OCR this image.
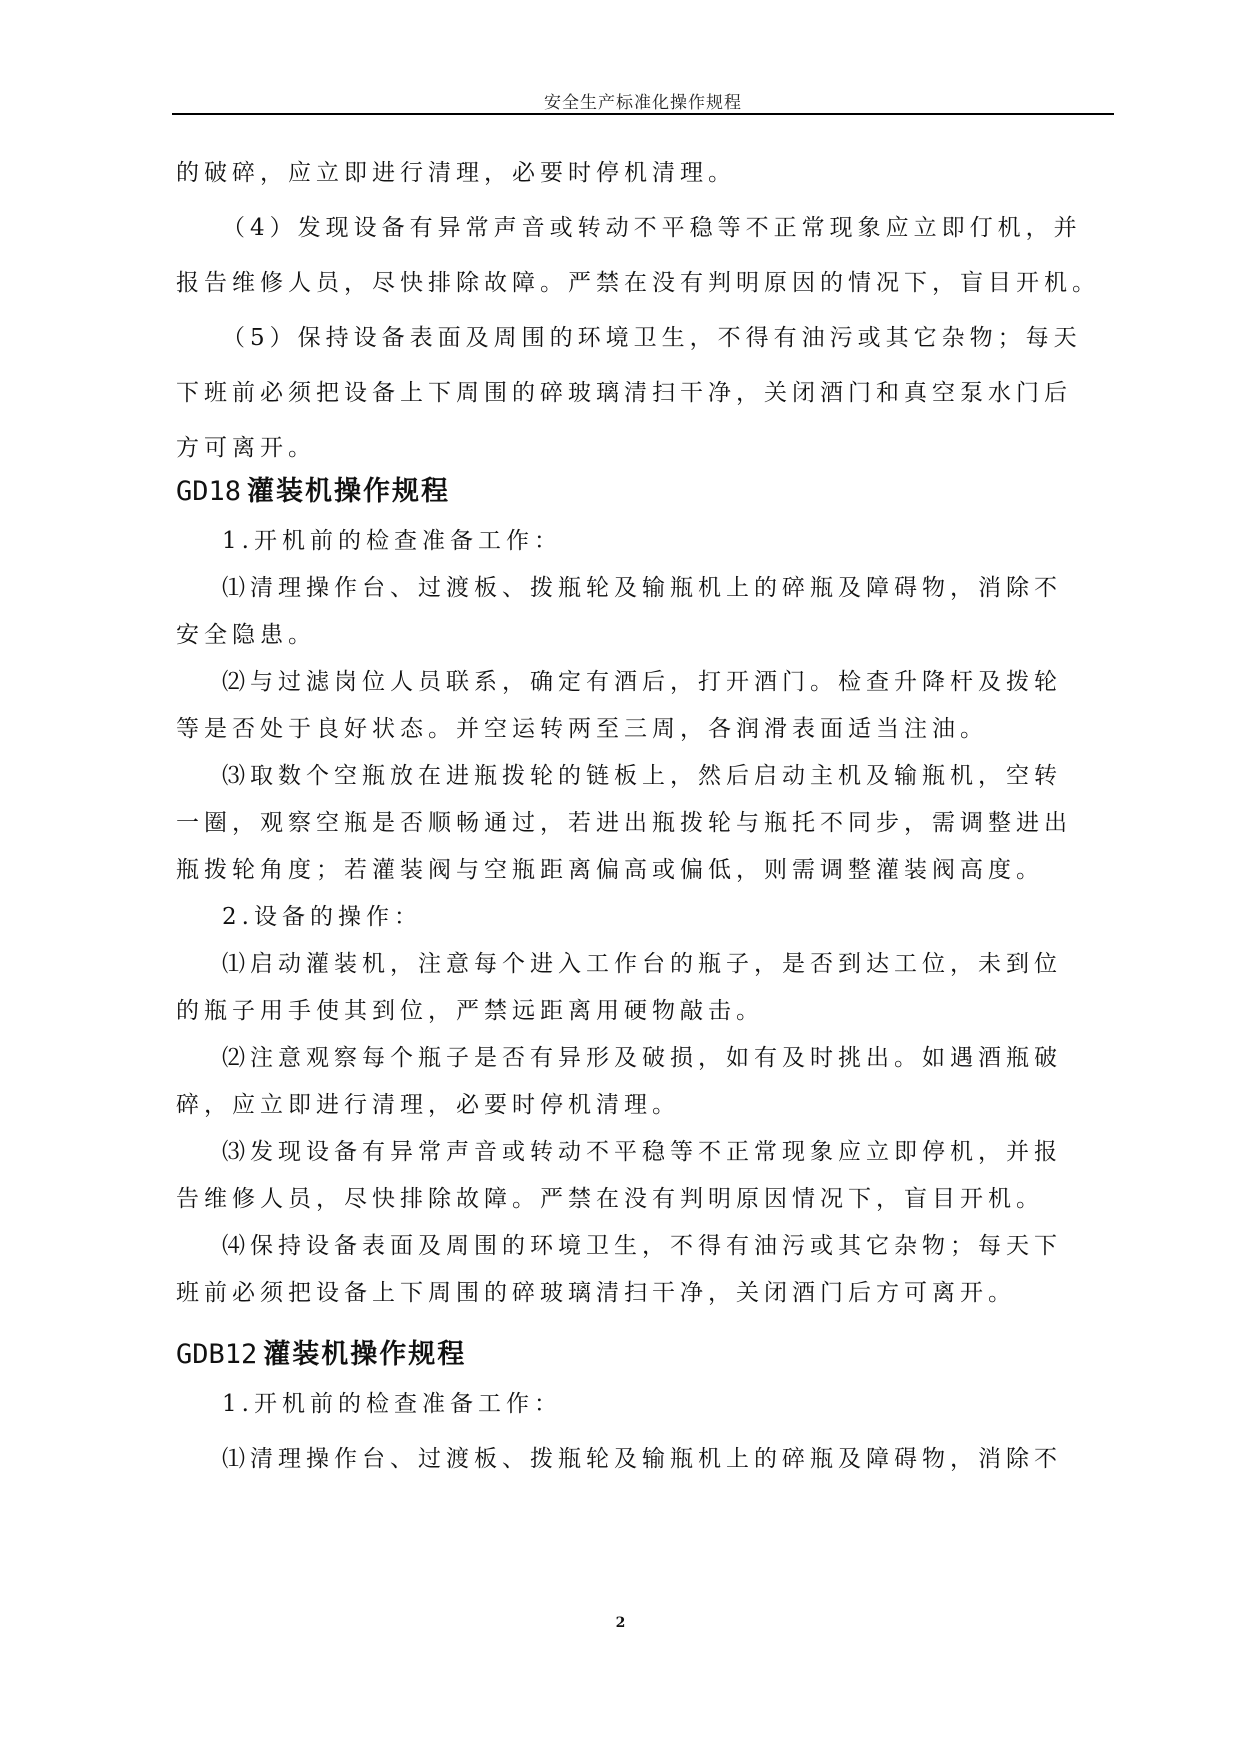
安全生产标准化操作规程

的破碎，应立即进行清理，必要时停机清理。

（4）发现设备有异常声音或转动不平稳等不正常现象应立即仃机，并

报告维修人员，尽快排除故障。严禁在没有判明原因的情况下，盲目开机。

（5）保持设备表面及周围的环境卫生，不得有油污或其它杂物；每天

下班前必须把设备上下周围的碎玻璃清扫干净，关闭酒门和真空泵水门后

方可离开。

GD18 灌装机操作规程

1.开机前的检查准备工作：

⑴清理操作台、过渡板、拨瓶轮及输瓶机上的碎瓶及障碍物，消除不

安全隐患。

⑵与过滤岗位人员联系，确定有酒后，打开酒门。检查升降杆及拨轮

等是否处于良好状态。并空运转两至三周，各润滑表面适当注油。

⑶取数个空瓶放在进瓶拨轮的链板上，然后启动主机及输瓶机，空转

一圈，观察空瓶是否顺畅通过，若进出瓶拨轮与瓶托不同步，需调整进出

瓶拨轮角度；若灌装阀与空瓶距离偏高或偏低，则需调整灌装阀高度。

2.设备的操作：

⑴启动灌装机，注意每个进入工作台的瓶子，是否到达工位，未到位

的瓶子用手使其到位，严禁远距离用硬物敲击。

⑵注意观察每个瓶子是否有异形及破损，如有及时挑出。如遇酒瓶破

碎，应立即进行清理，必要时停机清理。

⑶发现设备有异常声音或转动不平稳等不正常现象应立即停机，并报

告维修人员，尽快排除故障。严禁在没有判明原因情况下，盲目开机。

⑷保持设备表面及周围的环境卫生，不得有油污或其它杂物；每天下

班前必须把设备上下周围的碎玻璃清扫干净，关闭酒门后方可离开。

GDB12 灌装机操作规程

1.开机前的检查准备工作：

⑴清理操作台、过渡板、拨瓶轮及输瓶机上的碎瓶及障碍物，消除不

2
